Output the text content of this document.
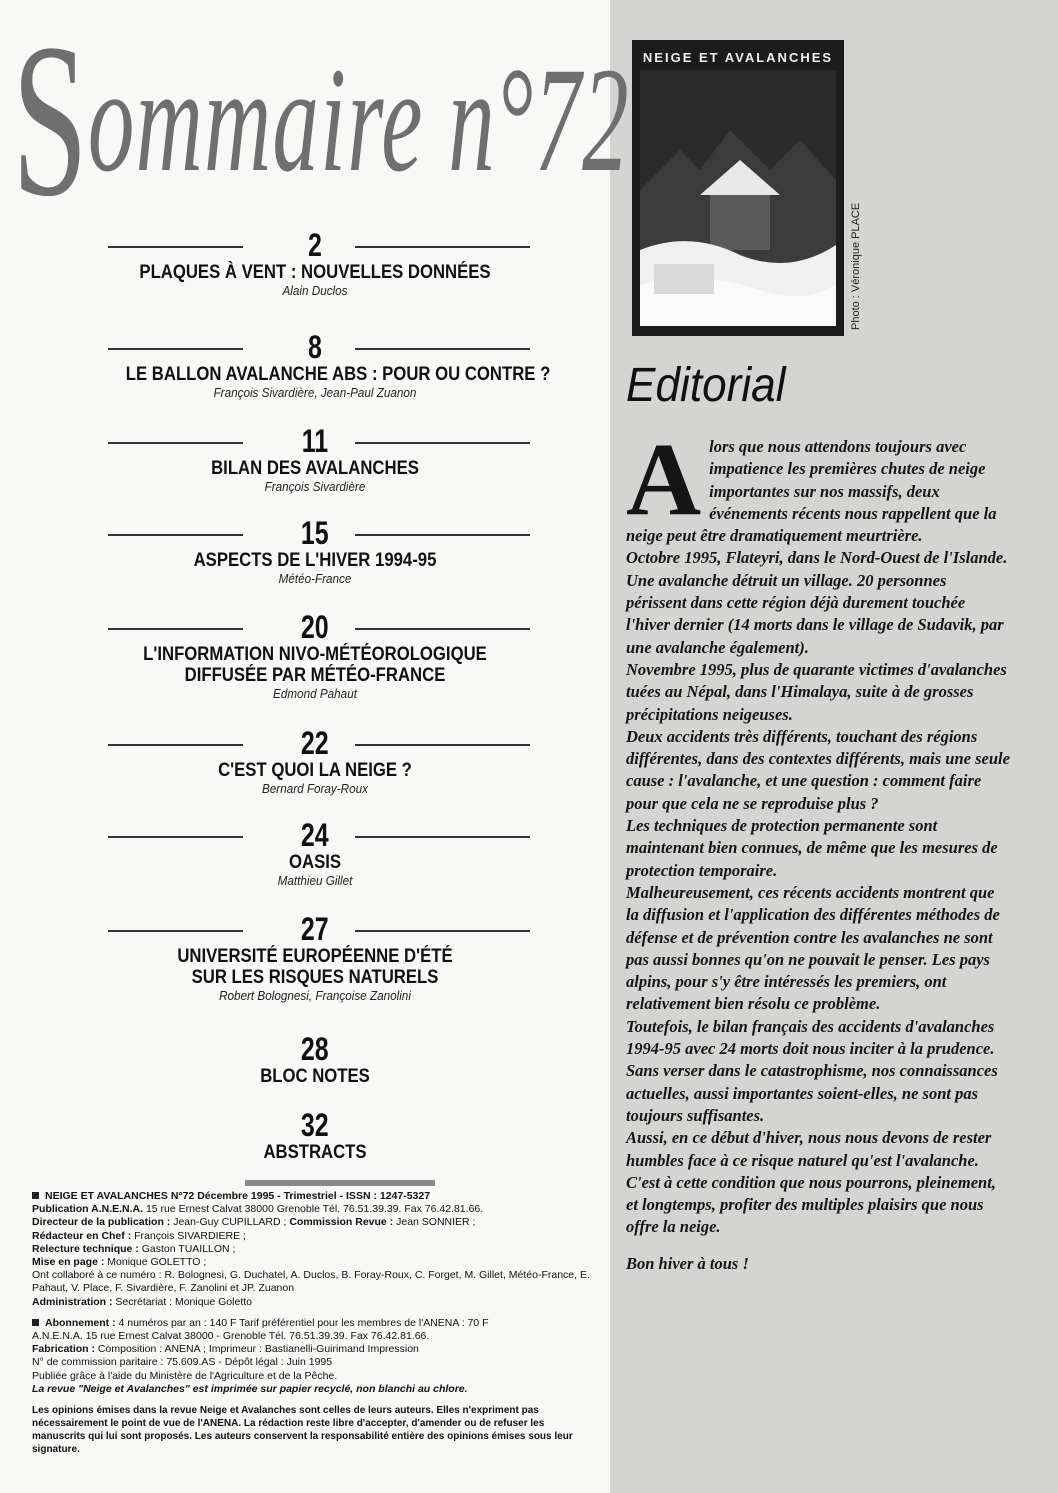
Sommaire n°72
2
PLAQUES À VENT : NOUVELLES DONNÉES
Alain Duclos
8
LE BALLON AVALANCHE ABS : POUR OU CONTRE ?
François Sivardière, Jean-Paul Zuanon
11
BILAN DES AVALANCHES
François Sivardière
15
ASPECTS DE L'HIVER 1994-95
Météo-France
20
L'INFORMATION NIVO-MÉTÉOROLOGIQUE
DIFFUSÉE PAR MÉTÉO-FRANCE
Edmond Pahaut
22
C'EST QUOI LA NEIGE ?
Bernard Foray-Roux
24
OASIS
Matthieu Gillet
27
UNIVERSITÉ EUROPÉENNE D'ÉTÉ
SUR LES RISQUES NATURELS
Robert Bolognesi, Françoise Zanolini
28
BLOC NOTES
32
ABSTRACTS

NEIGE ET AVALANCHES N°72 Décembre 1995 - Trimestriel - ISSN : 1247-5327

Publication A.N.E.N.A. 15 rue Ernest Calvat 38000 Grenoble Tél. 76.51.39.39. Fax 76.42.81.66.

Directeur de la publication : Jean-Guy CUPILLARD ; Commission Revue : Jean SONNIER ;

Rédacteur en Chef : François SIVARDIERE ;

Relecture technique : Gaston TUAILLON ;

Mise en page : Monique GOLETTO ;

Ont collaboré à ce numéro : R. Bolognesi, G. Duchatel, A. Duclos, B. Foray-Roux, C. Forget, M. Gillet, Météo-France, E. Pahaut, V. Place, F. Sivardière, F. Zanolini et JP. Zuanon

Administration : Secrétariat : Monique Goletto

Abonnement : 4 numéros par an : 140 F Tarif préférentiel pour les membres de l'ANENA : 70 F

A.N.E.N.A. 15 rue Ernest Calvat 38000 - Grenoble Tél. 76.51.39.39. Fax 76.42.81.66.

Fabrication : Composition : ANENA ; Imprimeur : Bastianelli-Guirimand Impression

N° de commission paritaire : 75.609.AS - Dépôt légal : Juin 1995

Publiée grâce à l'aide du Ministère de l'Agriculture et de la Pêche.

La revue "Neige et Avalanches" est imprimée sur papier recyclé, non blanchi au chlore.

Les opinions émises dans la revue Neige et Avalanches sont celles de leurs auteurs. Elles n'expriment pas nécessairement le point de vue de l'ANENA. La rédaction reste libre d'accepter, d'amender ou de refuser les manuscrits qui lui sont proposés. Les auteurs conservent la responsabilité entière des opinions émises sous leur signature.

NEIGE ET AVALANCHES
Photo : Véronique PLACE
Editorial

Alors que nous attendons toujours avec impatience les premières chutes de neige importantes sur nos massifs, deux événements récents nous rappellent que la neige peut être dramatiquement meurtrière.

Octobre 1995, Flateyri, dans le Nord-Ouest de l'Islande. Une avalanche détruit un village. 20 personnes périssent dans cette région déjà durement touchée l'hiver dernier (14 morts dans le village de Sudavik, par une avalanche également).

Novembre 1995, plus de quarante victimes d'avalanches tuées au Népal, dans l'Himalaya, suite à de grosses précipitations neigeuses.

Deux accidents très différents, touchant des régions différentes, dans des contextes différents, mais une seule cause : l'avalanche, et une question : comment faire pour que cela ne se reproduise plus ?

Les techniques de protection permanente sont maintenant bien connues, de même que les mesures de protection temporaire.

Malheureusement, ces récents accidents montrent que la diffusion et l'application des différentes méthodes de défense et de prévention contre les avalanches ne sont pas aussi bonnes qu'on ne pouvait le penser. Les pays alpins, pour s'y être intéressés les premiers, ont relativement bien résolu ce problème.

Toutefois, le bilan français des accidents d'avalanches 1994-95 avec 24 morts doit nous inciter à la prudence.

Sans verser dans le catastrophisme, nos connaissances actuelles, aussi importantes soient-elles, ne sont pas toujours suffisantes.

Aussi, en ce début d'hiver, nous nous devons de rester humbles face à ce risque naturel qu'est l'avalanche. C'est à cette condition que nous pourrons, pleinement, et longtemps, profiter des multiples plaisirs que nous offre la neige.

Bon hiver à tous !
